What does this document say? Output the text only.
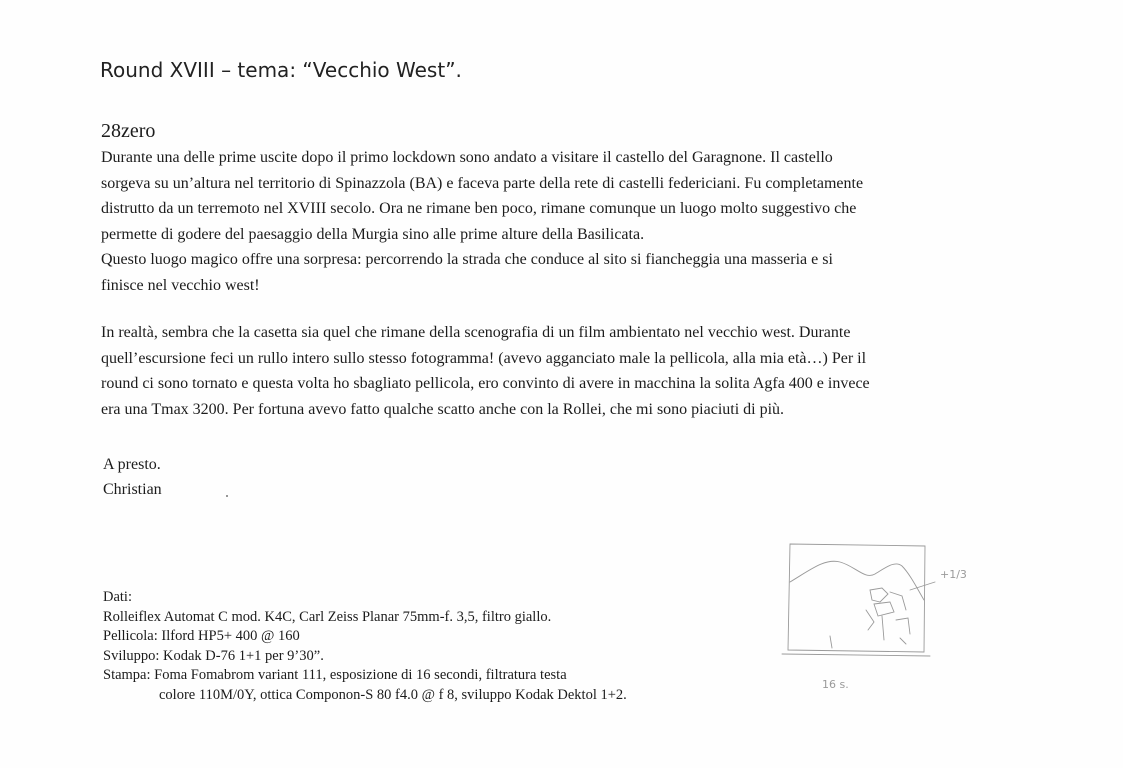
Round XVIII – tema: “Vecchio West”.
28zero
Durante una delle prime uscite dopo il primo lockdown sono andato a visitare il castello del Garagnone. Il castello
sorgeva su un’altura nel territorio di Spinazzola (BA) e faceva parte della rete di castelli federiciani. Fu completamente
distrutto da un terremoto nel XVIII secolo. Ora ne rimane ben poco, rimane comunque un luogo molto suggestivo che
permette di godere del paesaggio della Murgia sino alle prime alture della Basilicata.
Questo luogo magico offre una sorpresa: percorrendo la strada che conduce al sito si fiancheggia una masseria e si
finisce nel vecchio west!
In realtà, sembra che la casetta sia quel che rimane della scenografia di un film ambientato nel vecchio west. Durante
quell’escursione feci un rullo intero sullo stesso fotogramma! (avevo agganciato male la pellicola, alla mia età…) Per il
round ci sono tornato e questa volta ho sbagliato pellicola, ero convinto di avere in macchina la solita Agfa 400 e invece
era una Tmax 3200. Per fortuna avevo fatto qualche scatto anche con la Rollei, che mi sono piaciuti di più.
A presto.
Christian
Dati:
Rolleiflex Automat C mod. K4C, Carl Zeiss Planar 75mm-f. 3,5, filtro giallo.
Pellicola: Ilford HP5+ 400 @ 160
Sviluppo: Kodak D-76 1+1 per 9’30”.
Stampa: Foma Fomabrom variant 111, esposizione di 16 secondi, filtratura testa
colore 110M/0Y, ottica Componon-S 80 f4.0 @ f 8, sviluppo Kodak Dektol 1+2.
+1/3
16 s.
